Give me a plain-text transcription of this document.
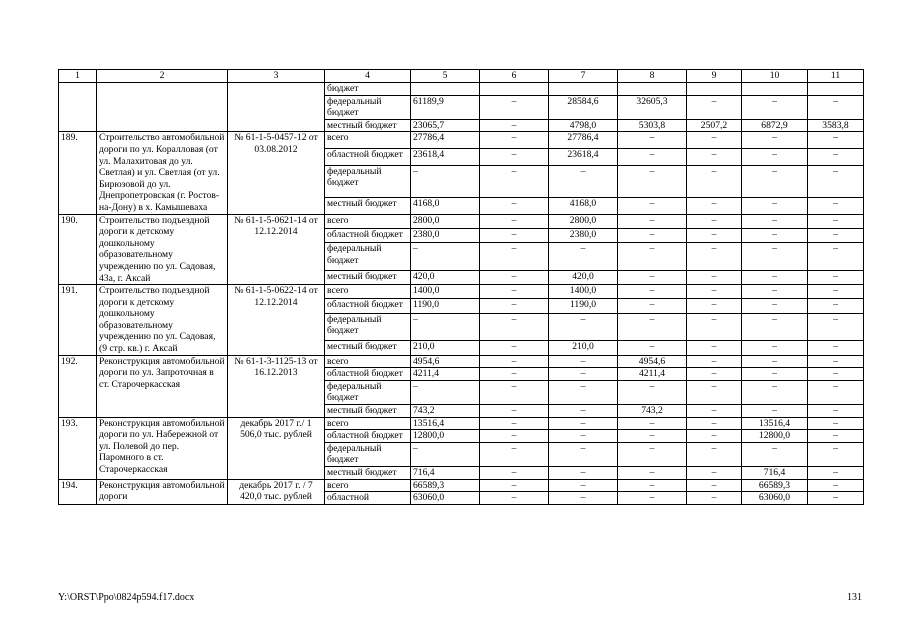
1	2	3	4	5	6	7	8	9	10	11
			бюджет							
			федеральный бюджет	61189,9	–	28584,6	32605,3	–	–	–
			местный бюджет	23065,7	–	4798,0	5303,8	2507,2	6872,9	3583,8
189.	Строительство автомобильной дороги по ул. Коралловая (от ул. Малахитовая до ул. Светлая) и ул. Светлая (от ул. Бирюзовой до ул. Днепропетровская (г. Ростов-на-Дону) в х. Камышеваха	№ 61-1-5-0457-12 от 03.08.2012	всего	27786,4	–	27786,4	–	–	–	–
			областной бюджет	23618,4	–	23618,4	–	–	–	–
			федеральный бюджет	–	–	–	–	–	–	–
			местный бюджет	4168,0	–	4168,0	–	–	–	–
190.	Строительство подъездной дороги к детскому дошкольному образовательному учреждению по ул. Садовая, 43а, г. Аксай	№ 61-1-5-0621-14 от 12.12.2014	всего	2800,0	–	2800,0	–	–	–	–
			областной бюджет	2380,0	–	2380,0	–	–	–	–
			федеральный бюджет	–	–	–	–	–	–	–
			местный бюджет	420,0	–	420,0	–	–	–	–
191.	Строительство подъездной дороги к детскому дошкольному образовательному учреждению по ул. Садовая, (9 стр. кв.) г. Аксай	№ 61-1-5-0622-14 от 12.12.2014	всего	1400,0	–	1400,0	–	–	–	–
			областной бюджет	1190,0	–	1190,0	–	–	–	–
			федеральный бюджет	–	–	–	–	–	–	–
			местный бюджет	210,0	–	210,0	–	–	–	–
192.	Реконструкция автомобильной дороги по ул. Запроточная в ст. Старочеркасская	№ 61-1-3-1125-13 от 16.12.2013	всего	4954,6	–	–	4954,6	–	–	–
			областной бюджет	4211,4	–	–	4211,4	–	–	–
			федеральный бюджет	–	–	–	–	–	–	–
			местный бюджет	743,2	–	–	743,2	–	–	–
193.	Реконструкция автомобильной дороги по ул. Набережной от ул. Полевой до пер. Паромного в ст. Старочеркасская	декабрь 2017 г./ 1 506,0 тыс. рублей	всего	13516,4	–	–	–	–	13516,4	–
			областной бюджет	12800,0	–	–	–	–	12800,0	–
			федеральный бюджет	–	–	–	–	–	–	–
			местный бюджет	716,4	–	–	–	–	716,4	–
194.	Реконструкция автомобильной дороги	декабрь 2017 г. / 7 420,0 тыс. рублей	всего	66589,3	–	–	–	–	66589,3	–
			областной	63060,0	–	–	–	–	63060,0	–
Y:\ORST\Ppo\0824p594.f17.docx	131
